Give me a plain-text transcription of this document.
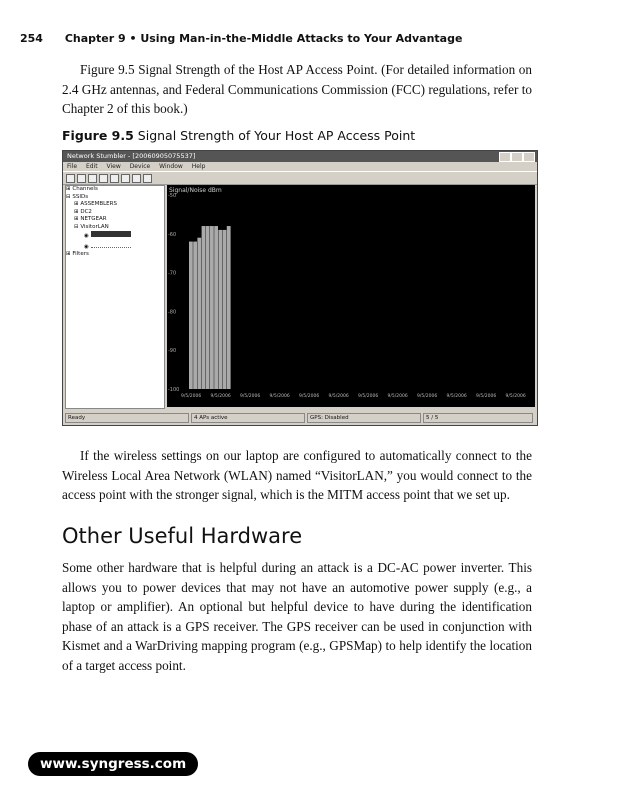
254 Chapter 9 • Using Man-in-the-Middle Attacks to Your Advantage
Figure 9.5 Signal Strength of the Host AP Access Point. (For detailed information on 2.4 GHz antennas, and Federal Communications Commission (FCC) regulations, refer to Chapter 2 of this book.)
Figure 9.5 Signal Strength of Your Host AP Access Point
Network Stumbler - [20060905075537]
File Edit View Device Window Help
⊞ Channels
⊟ SSIDs
⊞ ASSEMBLERS
⊞ DC2
⊞ NETGEAR
⊟ VisitorLAN
◉
◉
⊞ Filters
Signal/Noise dBm
-50
-60
-70
-80
-90
-100
9/5/2006 9/5/2006 9/5/2006 9/5/2006 9/5/2006 9/5/2006 9/5/2006 9/5/2006 9/5/2006 9/5/2006 9/5/2006 9/5/2006
Ready	4 APs active	GPS: Disabled	5 / 5
If the wireless settings on our laptop are configured to automatically connect to the Wireless Local Area Network (WLAN) named “VisitorLAN,” you would connect to the access point with the stronger signal, which is the MITM access point that we set up.
Other Useful Hardware
Some other hardware that is helpful during an attack is a DC-AC power inverter. This allows you to power devices that may not have an automotive power supply (e.g., a laptop or amplifier). An optional but helpful device to have during the identification phase of an attack is a GPS receiver. The GPS receiver can be used in conjunction with Kismet and a WarDriving mapping program (e.g., GPSMap) to help identify the location of a target access point.
www.syngress.com
